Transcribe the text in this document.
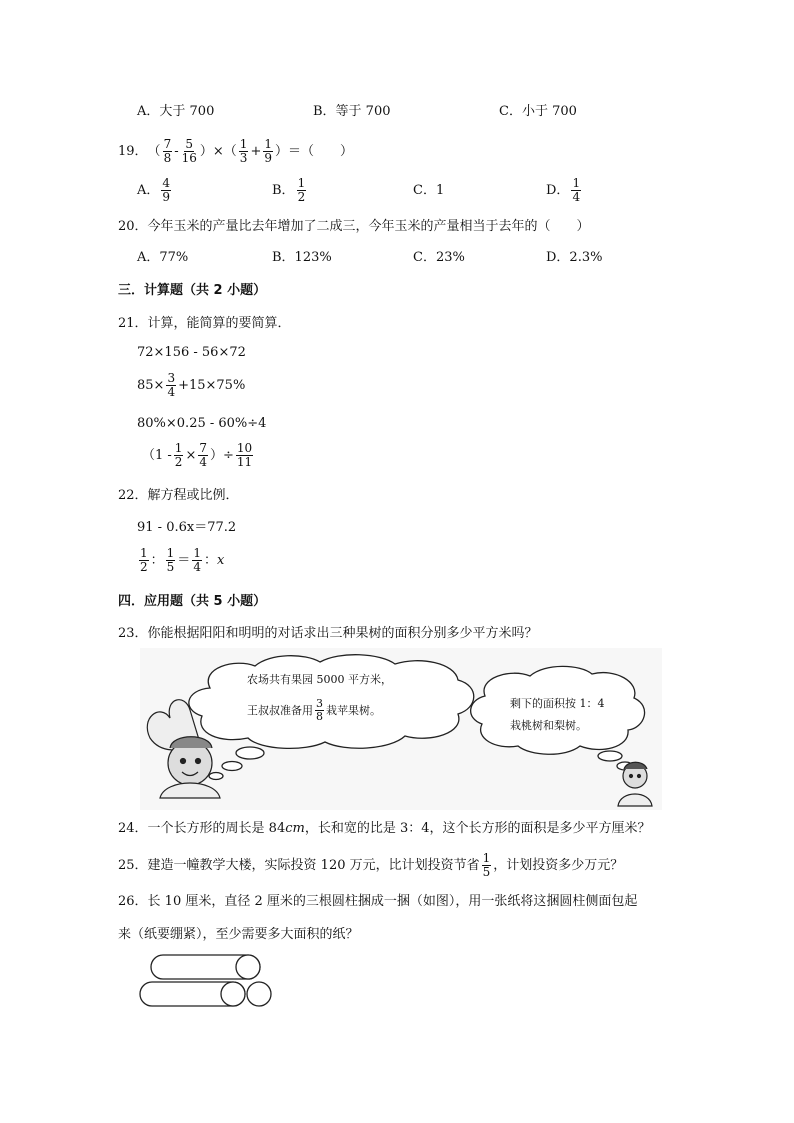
A．大于 700	B．等于 700	C．小于 700
19． （ $\frac{7}{8} - \frac{5}{16}$ ）×（ $\frac{1}{3} + \frac{1}{9}$ ）＝（　　）
A． $\frac{4}{9}$	B． $\frac{1}{2}$	C．1	D． $\frac{1}{4}$
20．今年玉米的产量比去年增加了二成三，今年玉米的产量相当于去年的（　　）
A．77%	B．123%	C．23%	D．2.3%
三．计算题（共 2 小题）
21．计算，能简算的要简算．
72×156 - 56×72
$85\times \frac{3}{4} +15\times 75\%$
80%×0.25 - 60%÷4
（$1 - \frac{1}{2} \times \frac{7}{4}$ ）÷ $\frac{10}{11}$
22．解方程或比例．
91 - 0.6x＝77.2
$\frac{1}{2}$ ： $\frac{1}{5} = \frac{1}{4}$ ： x
四．应用题（共 5 小题）
23．你能根据阳阳和明明的对话求出三种果树的面积分别多少平方米吗？
农场共有果园 5000 平方米，
王叔叔准备用 $\frac{3}{8}$ 栽苹果树。
剩下的面积按 1：4
栽桃树和梨树。
24．一个长方形的周长是 84cm，长和宽的比是 3：4，这个长方形的面积是多少平方厘米？
25．建造一幢教学大楼，实际投资 120 万元，比计划投资节省 $\frac{1}{5}$ ，计划投资多少万元？
26．长 10 厘米，直径 2 厘米的三根圆柱捆成一捆（如图），用一张纸将这捆圆柱侧面包起
来（纸要绷紧），至少需要多大面积的纸？
